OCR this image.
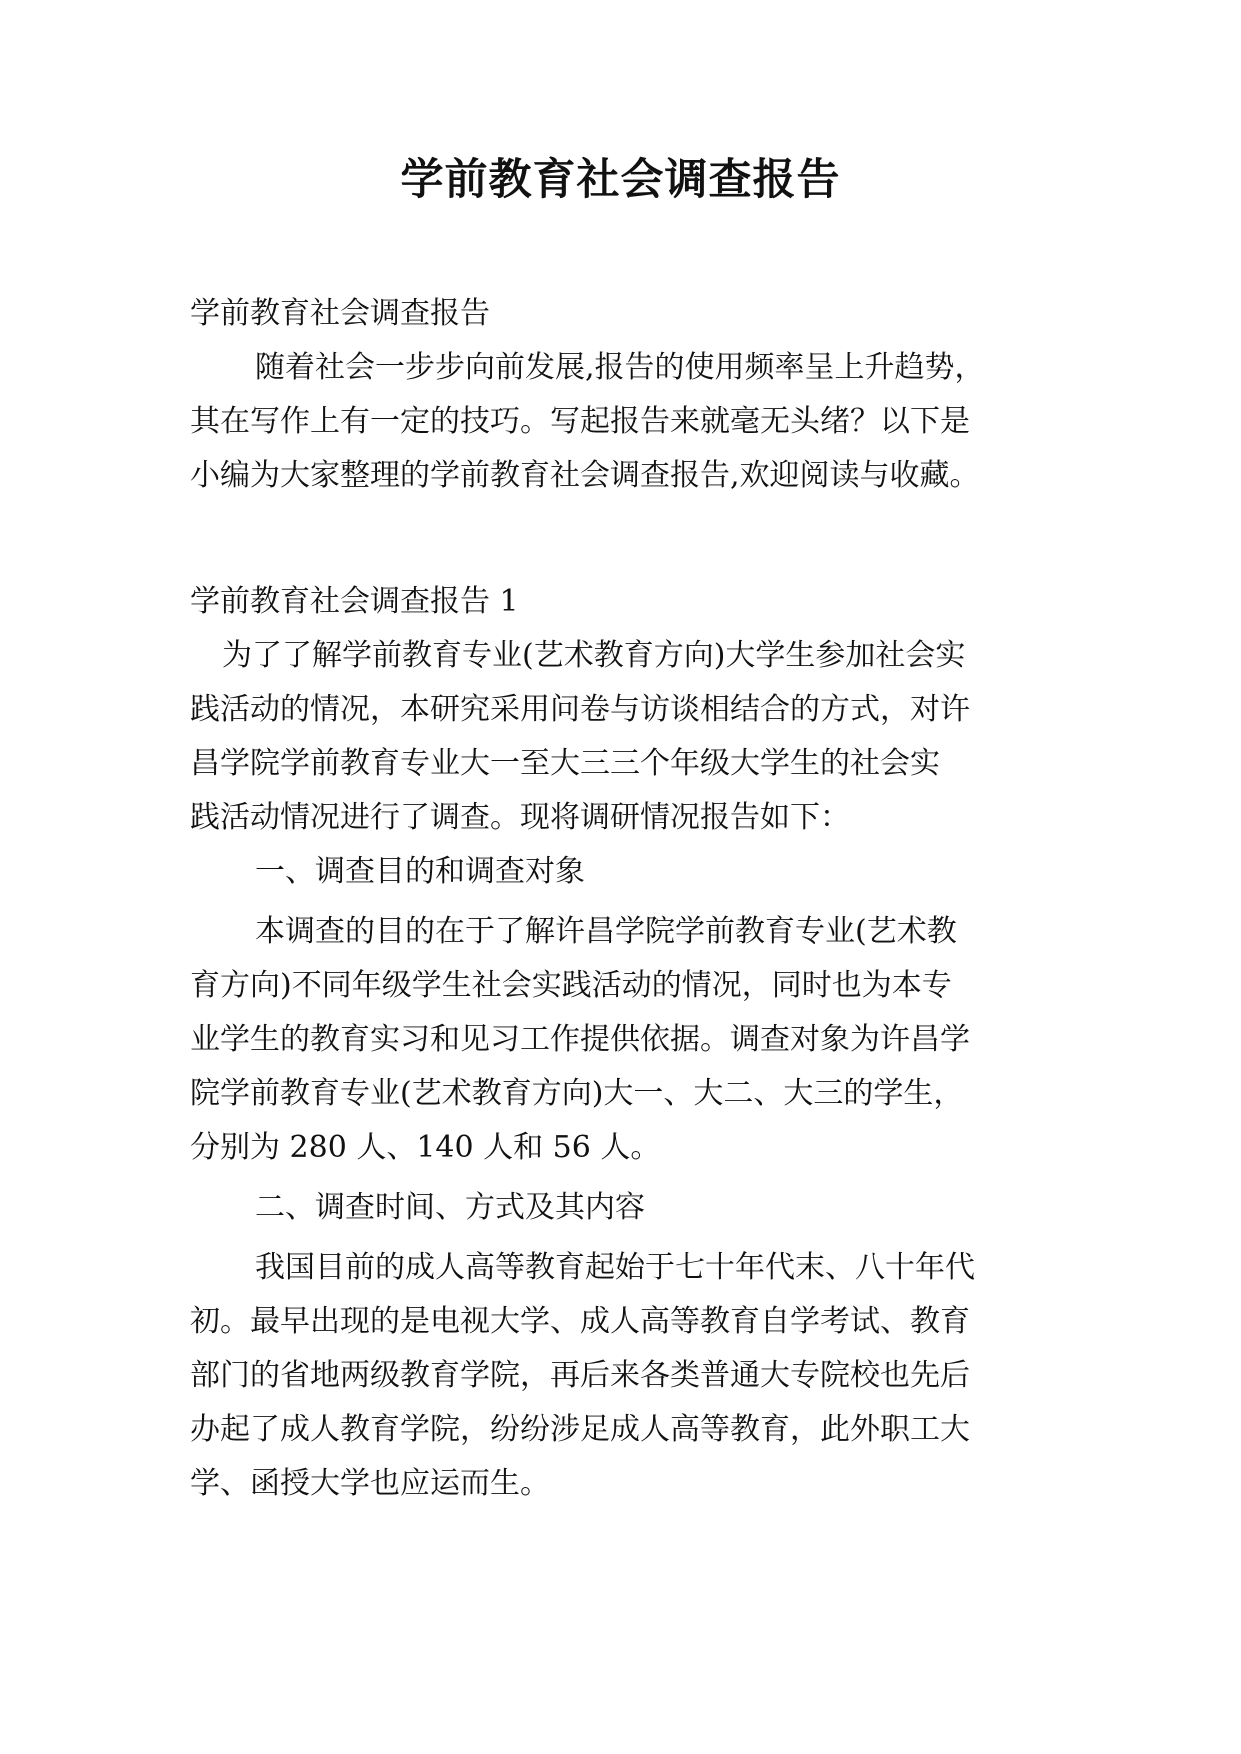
学前教育社会调查报告

学前教育社会调查报告

随着社会一步步向前发展,报告的使用频率呈上升趋势，

其在写作上有一定的技巧。写起报告来就毫无头绪？以下是

小编为大家整理的学前教育社会调查报告,欢迎阅读与收藏。

学前教育社会调查报告 1

为了了解学前教育专业(艺术教育方向)大学生参加社会实

践活动的情况，本研究采用问卷与访谈相结合的方式，对许

昌学院学前教育专业大一至大三三个年级大学生的社会实

践活动情况进行了调查。现将调研情况报告如下：

一、调查目的和调查对象

本调查的目的在于了解许昌学院学前教育专业(艺术教

育方向)不同年级学生社会实践活动的情况，同时也为本专

业学生的教育实习和见习工作提供依据。调查对象为许昌学

院学前教育专业(艺术教育方向)大一、大二、大三的学生，

分别为 280 人、140 人和 56 人。

二、调查时间、方式及其内容

我国目前的成人高等教育起始于七十年代末、八十年代

初。最早出现的是电视大学、成人高等教育自学考试、教育

部门的省地两级教育学院，再后来各类普通大专院校也先后

办起了成人教育学院，纷纷涉足成人高等教育，此外职工大

学、函授大学也应运而生。
